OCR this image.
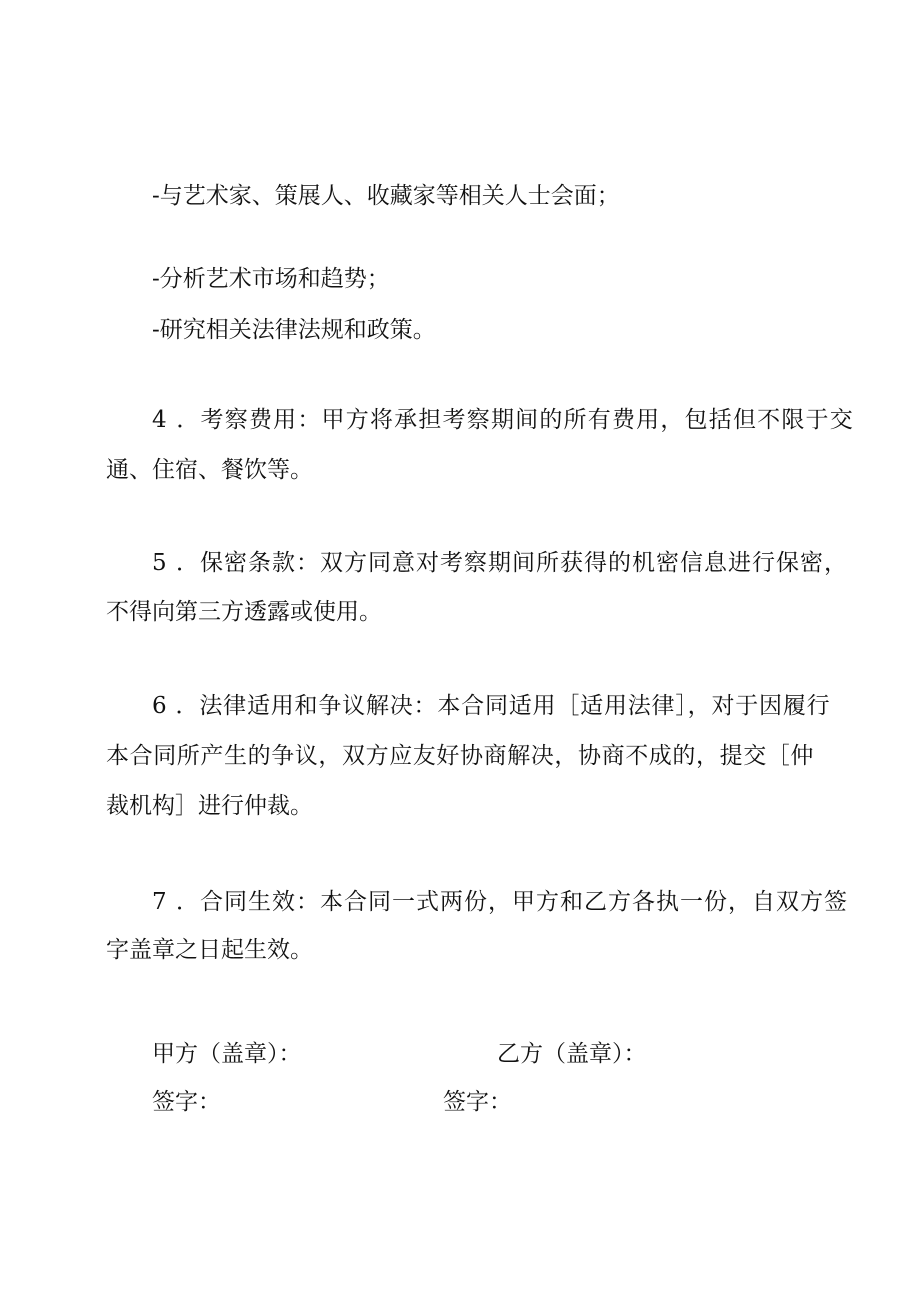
-与艺术家、策展人、收藏家等相关人士会面；
-分析艺术市场和趋势；
-研究相关法律法规和政策。
4 ．考察费用：甲方将承担考察期间的所有费用，包括但不限于交
通、住宿、餐饮等。
5 ．保密条款：双方同意对考察期间所获得的机密信息进行保密，
不得向第三方透露或使用。
6 ．法律适用和争议解决：本合同适用［适用法律］，对于因履行
本合同所产生的争议，双方应友好协商解决，协商不成的，提交［仲
裁机构］进行仲裁。
7 ．合同生效：本合同一式两份，甲方和乙方各执一份，自双方签
字盖章之日起生效。
甲方（盖章）：	乙方（盖章）：
签字：	签字：
